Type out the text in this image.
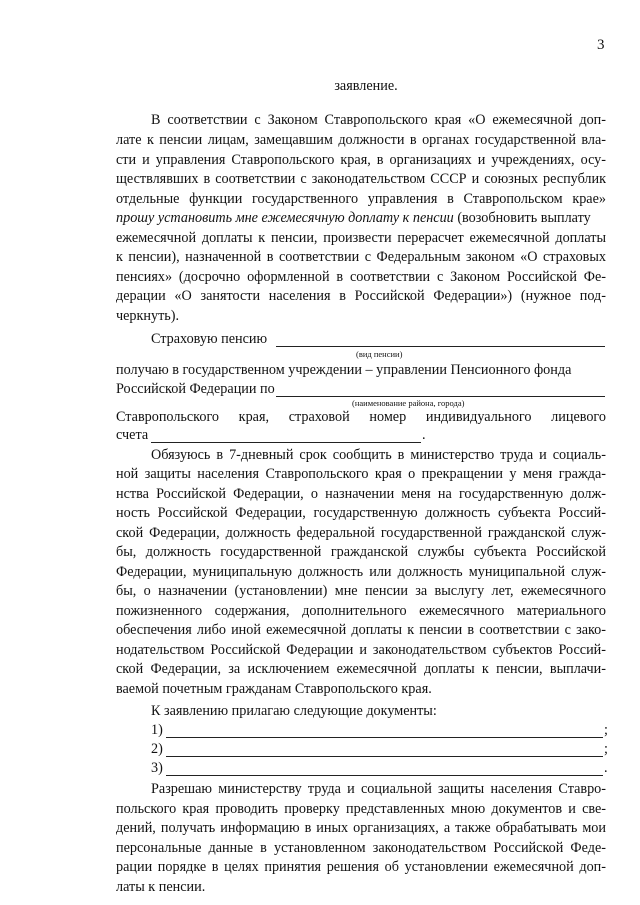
3
заявление.
В соответствии с Законом Ставропольского края «О ежемесячной доп-
лате к пенсии лицам, замещавшим должности в органах государственной вла-
сти и управления Ставропольского края, в организациях и учреждениях, осу-
ществлявших в соответствии с законодательством СССР и союзных республик
отдельные функции государственного управления в Ставропольском крае»
прошу установить мне ежемесячную доплату к пенсии (возобновить выплату
ежемесячной доплаты к пенсии, произвести перерасчет ежемесячной доплаты
к пенсии), назначенной в соответствии с Федеральным законом «О страховых
пенсиях» (досрочно оформленной в соответствии с Законом Российской Фе-
дерации «О занятости населения в Российской Федерации») (нужное под-
черкнуть).
Страховую пенсию
(вид пенсии)
получаю в государственном учреждении – управлении Пенсионного фонда
Российской Федерации по
(наименование района, города)
Ставропольского края, страховой номер индивидуального лицевого
счета	.
Обязуюсь в 7-дневный срок сообщить в министерство труда и социаль-
ной защиты населения Ставропольского края о прекращении у меня гражда-
нства Российской Федерации, о назначении меня на государственную долж-
ность Российской Федерации, государственную должность субъекта Россий-
ской Федерации, должность федеральной государственной гражданской служ-
бы, должность государственной гражданской службы субъекта Российской
Федерации, муниципальную должность или должность муниципальной служ-
бы, о назначении (установлении) мне пенсии за выслугу лет, ежемесячного
пожизненного содержания, дополнительного ежемесячного материального
обеспечения либо иной ежемесячной доплаты к пенсии в соответствии с зако-
нодательством Российской Федерации и законодательством субъектов Россий-
ской Федерации, за исключением ежемесячной доплаты к пенсии, выплачи-
ваемой почетным гражданам Ставропольского края.
К заявлению прилагаю следующие документы:
1)	;
2)	;
3)	.
Разрешаю министерству труда и социальной защиты населения Ставро-
польского края проводить проверку представленных мною документов и све-
дений, получать информацию в иных организациях, а также обрабатывать мои
персональные данные в установленном законодательством Российской Феде-
рации порядке в целях принятия решения об установлении ежемесячной доп-
латы к пенсии.
